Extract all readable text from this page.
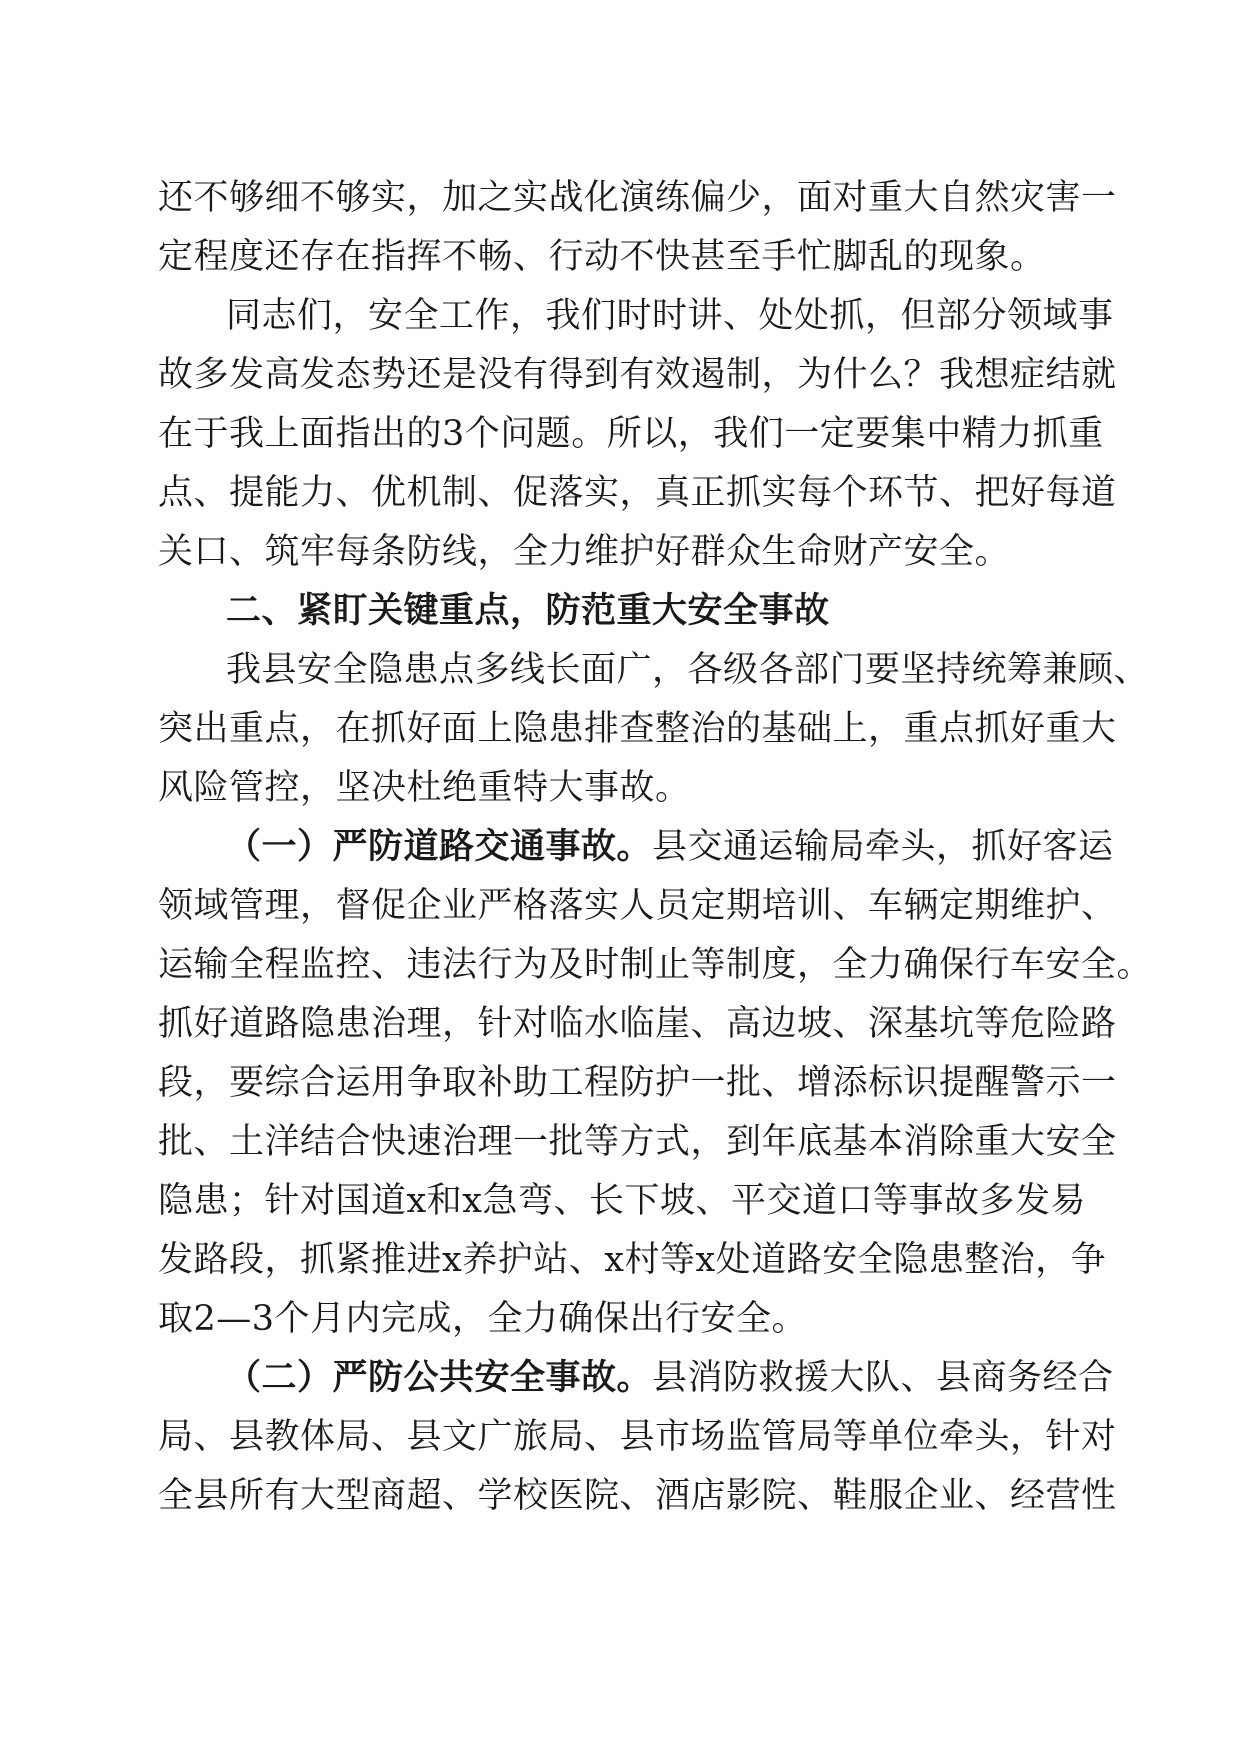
还不够细不够实，加之实战化演练偏少，面对重大自然灾害一
定程度还存在指挥不畅、行动不快甚至手忙脚乱的现象。
同志们，安全工作，我们时时讲、处处抓，但部分领域事
故多发高发态势还是没有得到有效遏制，为什么？我想症结就
在于我上面指出的3个问题。所以，我们一定要集中精力抓重
点、提能力、优机制、促落实，真正抓实每个环节、把好每道
关口、筑牢每条防线，全力维护好群众生命财产安全。
二、紧盯关键重点，防范重大安全事故
我县安全隐患点多线长面广，各级各部门要坚持统筹兼顾、
突出重点，在抓好面上隐患排查整治的基础上，重点抓好重大
风险管控，坚决杜绝重特大事故。
（一）严防道路交通事故。县交通运输局牵头，抓好客运
领域管理，督促企业严格落实人员定期培训、车辆定期维护、
运输全程监控、违法行为及时制止等制度，全力确保行车安全。
抓好道路隐患治理，针对临水临崖、高边坡、深基坑等危险路
段，要综合运用争取补助工程防护一批、增添标识提醒警示一
批、土洋结合快速治理一批等方式，到年底基本消除重大安全
隐患；针对国道x和x急弯、长下坡、平交道口等事故多发易
发路段，抓紧推进x养护站、x村等x处道路安全隐患整治，争
取2—3个月内完成，全力确保出行安全。
（二）严防公共安全事故。县消防救援大队、县商务经合
局、县教体局、县文广旅局、县市场监管局等单位牵头，针对
全县所有大型商超、学校医院、酒店影院、鞋服企业、经营性
